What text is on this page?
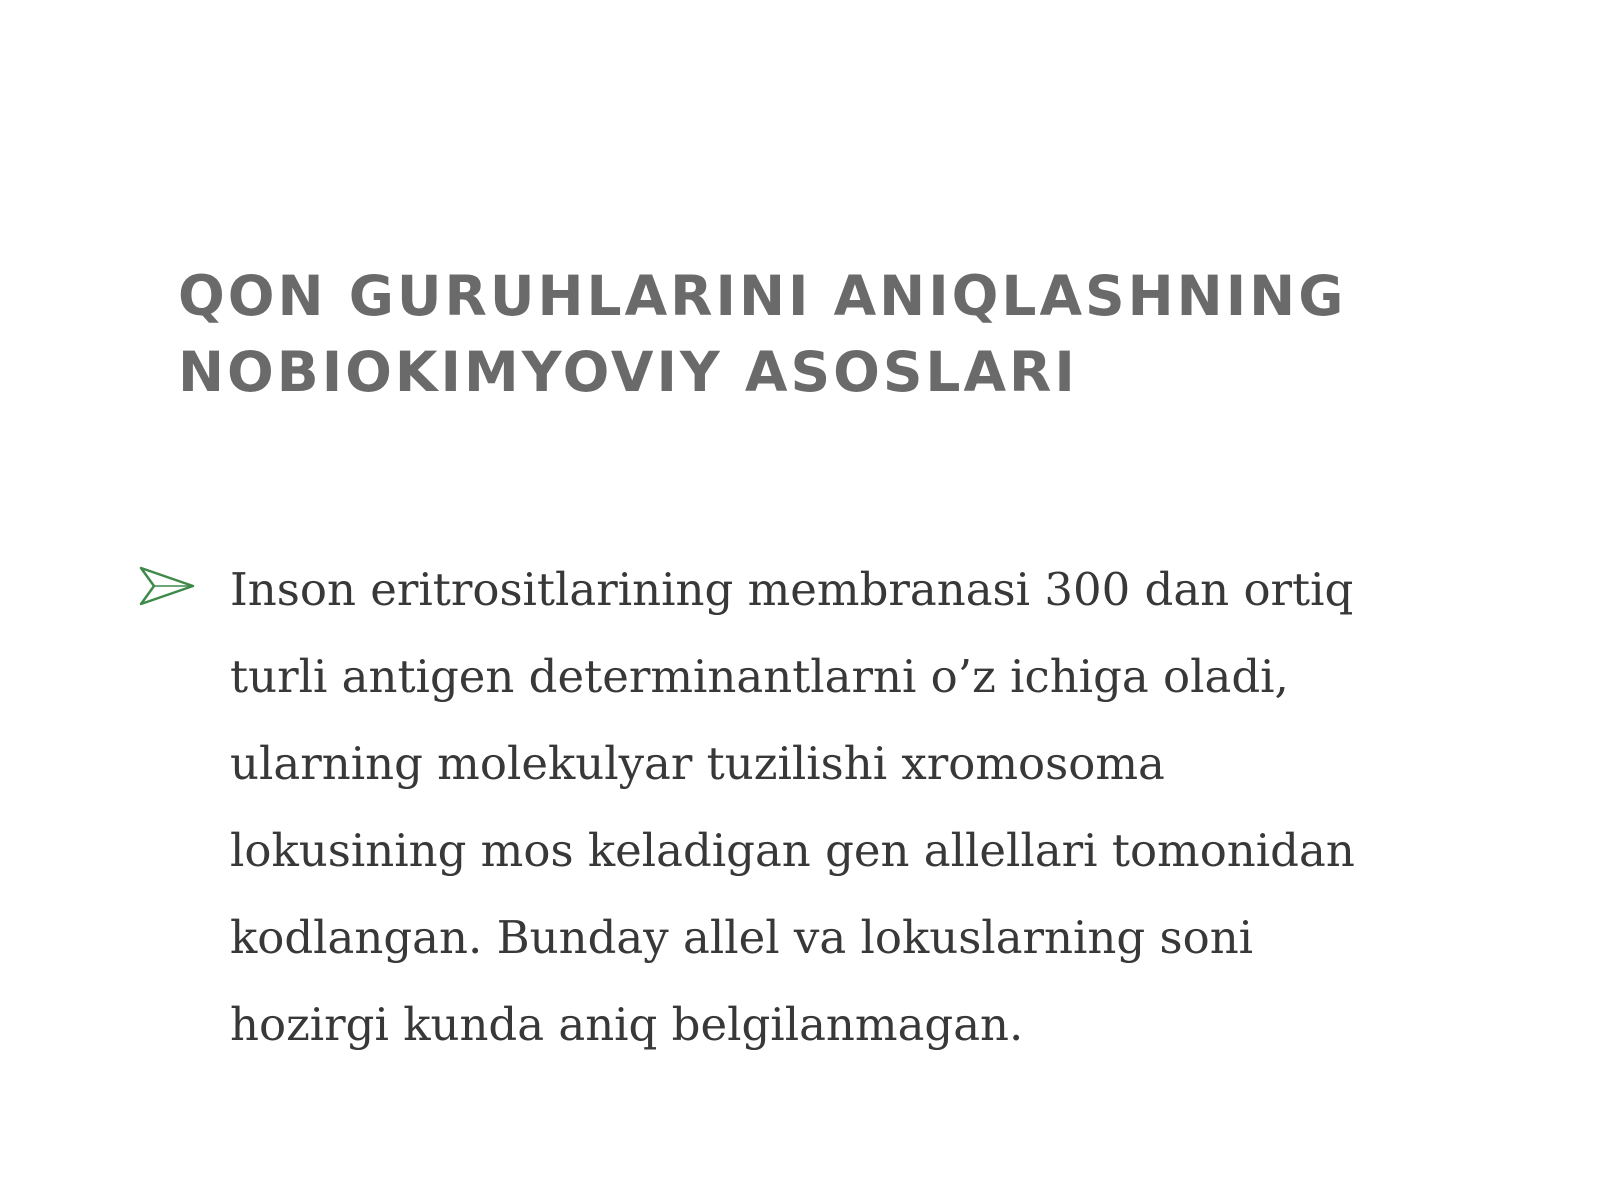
QON GURUHLARINI ANIQLASHNING NOBIOKIMYOVIY ASOSLARI
Inson eritrositlarining membranasi 300 dan ortiq turli antigen determinantlarni o’z ichiga oladi, ularning molekulyar tuzilishi xromosoma lokusining mos keladigan gen allellari tomonidan kodlangan. Bunday allel va lokuslarning soni hozirgi kunda aniq belgilanmagan.
